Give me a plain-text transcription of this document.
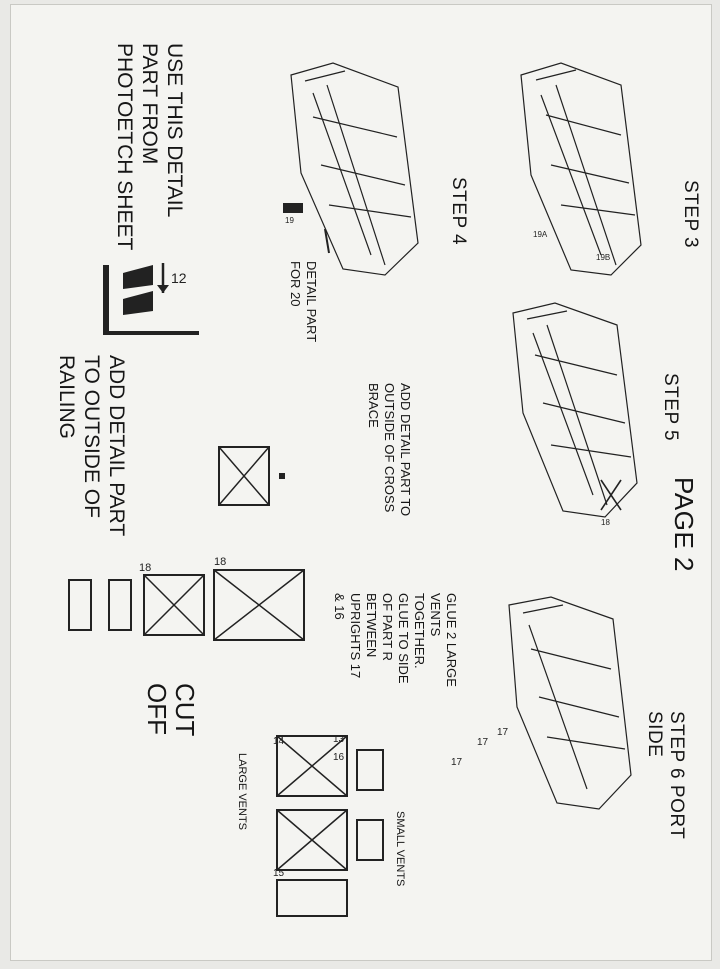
PAGE 2
STEP 3
STEP 4
STEP 5
STEP 6 PORT SIDE
USE THIS DETAIL
PART FROM
PHOTOETCH SHEET
DETAIL PART
FOR 20
ADD DETAIL PART TO
OUTSIDE OF CROSS
BRACE
GLUE 2 LARGE
VENTS
TOGETHER.
GLUE TO SIDE
OF PART R
BETWEEN
UPRIGHTS 17
& 16
ADD DETAIL PART
TO OUTSIDE OF
RAILING
CUT
OFF
SMALL VENTS
LARGE VENTS
19A
19B
19
18
17
17
17
12
18	18
14	13
16
15
